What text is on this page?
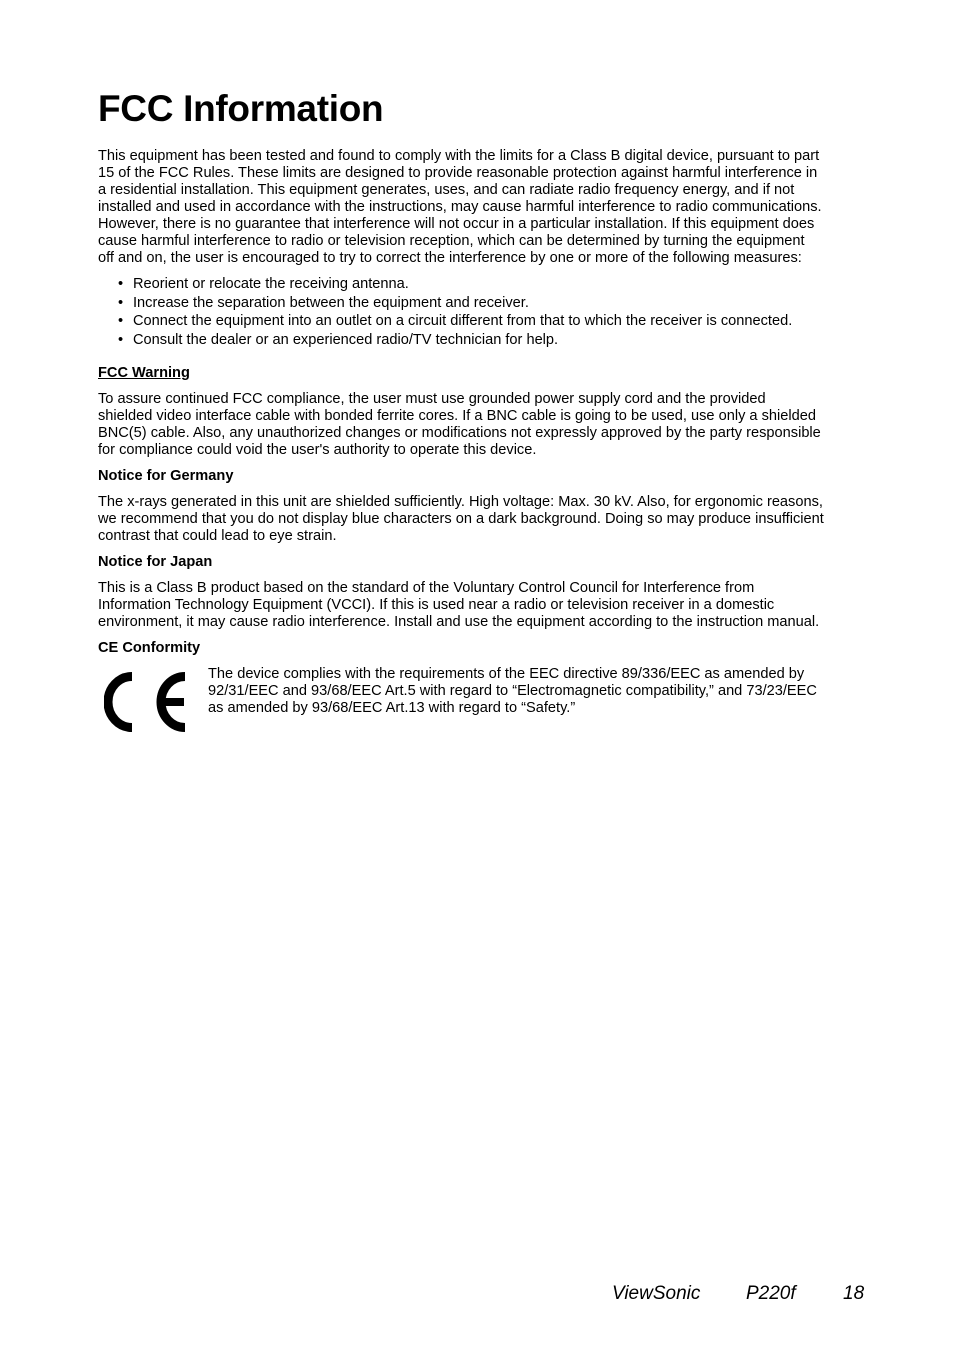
FCC Information

This equipment has been tested and found to comply with the limits for a Class B digital device, pursuant to part 15 of the FCC Rules. These limits are designed to provide reasonable protection against harmful interference in a residential installation. This equipment generates, uses, and can radiate radio frequency energy, and if not installed and used in accordance with the instructions, may cause harmful interference to radio communications. However, there is no guarantee that interference will not occur in a particular installation. If this equipment does cause harmful interference to radio or television reception, which can be determined by turning the equipment off and on, the user is encouraged to try to correct the interference by one or more of the following measures:

• Reorient or relocate the receiving antenna.
• Increase the separation between the equipment and receiver.
• Connect the equipment into an outlet on a circuit different from that to which the receiver is connected.
• Consult the dealer or an experienced radio/TV technician for help.

FCC Warning

To assure continued FCC compliance, the user must use grounded power supply cord and the provided shielded video interface cable with bonded ferrite cores. If a BNC cable is going to be used, use only a shielded BNC(5) cable. Also, any unauthorized changes or modifications not expressly approved by the party responsible for compliance could void the user's authority to operate this device.

Notice for Germany

The x-rays generated in this unit are shielded sufficiently. High voltage: Max. 30 kV. Also, for ergonomic reasons, we recommend that you do not display blue characters on a dark background. Doing so may produce insufficient contrast that could lead to eye strain.

Notice for Japan

This is a Class B product based on the standard of the Voluntary Control Council for Interference from Information Technology Equipment (VCCI). If this is used near a radio or television receiver in a domestic environment, it may cause radio interference. Install and use the equipment according to the instruction manual.

CE Conformity

The device complies with the requirements of the EEC directive 89/336/EEC as amended by 92/31/EEC and 93/68/EEC Art.5 with regard to “Electromagnetic compatibility,” and 73/23/EEC as amended by 93/68/EEC Art.13 with regard to “Safety.”

ViewSonic P220f 18
